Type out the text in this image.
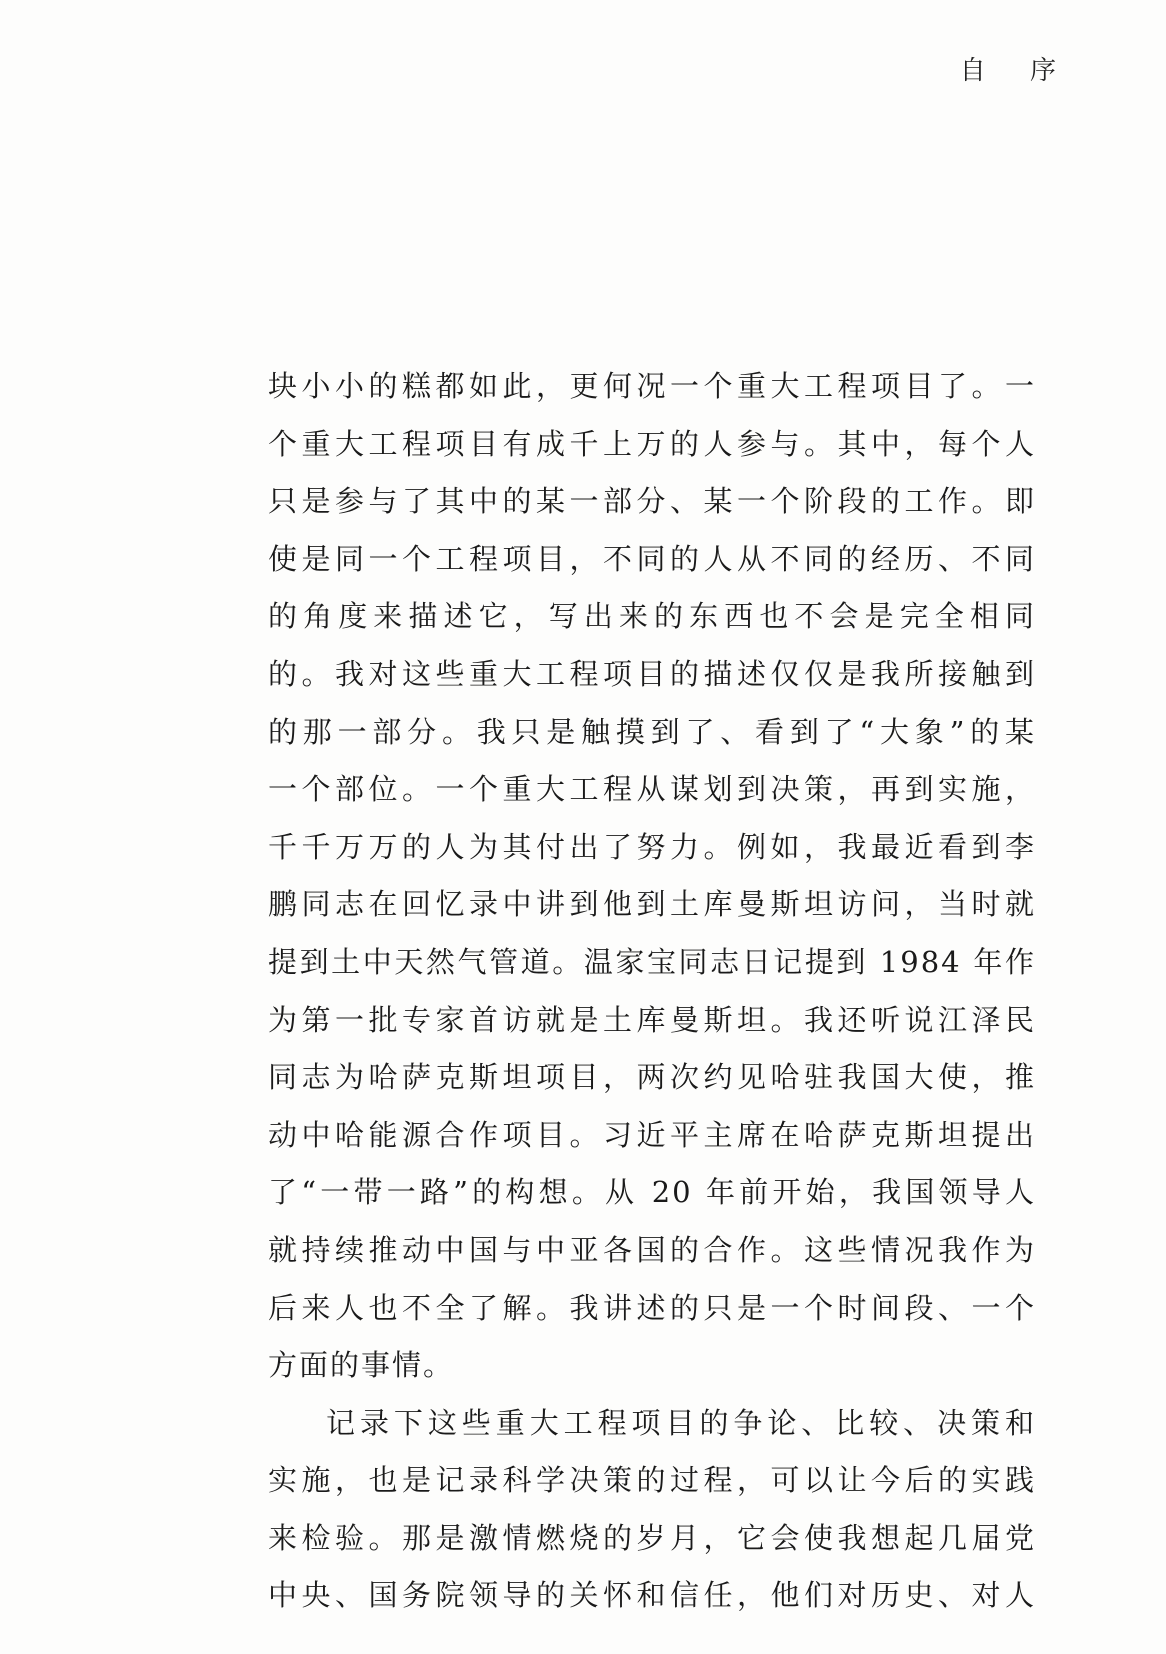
自 序
块小小的糕都如此，更何况一个重大工程项目了。一
个重大工程项目有成千上万的人参与。其中，每个人
只是参与了其中的某一部分、某一个阶段的工作。即
使是同一个工程项目，不同的人从不同的经历、不同
的角度来描述它，写出来的东西也不会是完全相同
的。我对这些重大工程项目的描述仅仅是我所接触到
的那一部分。我只是触摸到了、看到了“大象”的某
一个部位。一个重大工程从谋划到决策，再到实施，
千千万万的人为其付出了努力。例如，我最近看到李
鹏同志在回忆录中讲到他到土库曼斯坦访问，当时就
提到土中天然气管道。温家宝同志日记提到 1984 年作
为第一批专家首访就是土库曼斯坦。我还听说江泽民
同志为哈萨克斯坦项目，两次约见哈驻我国大使，推
动中哈能源合作项目。习近平主席在哈萨克斯坦提出
了“一带一路”的构想。从 20 年前开始，我国领导人
就持续推动中国与中亚各国的合作。这些情况我作为
后来人也不全了解。我讲述的只是一个时间段、一个
方面的事情。
记录下这些重大工程项目的争论、比较、决策和
实施，也是记录科学决策的过程，可以让今后的实践
来检验。那是激情燃烧的岁月，它会使我想起几届党
中央、国务院领导的关怀和信任，他们对历史、对人
